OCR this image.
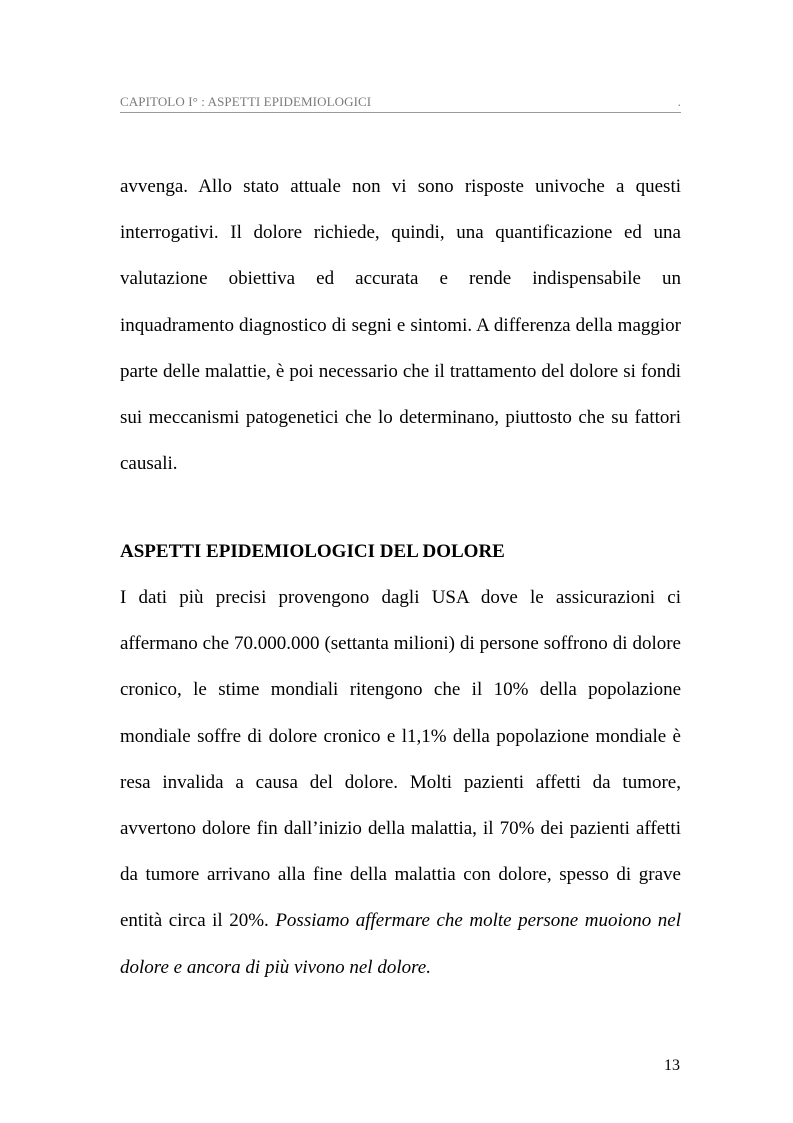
CAPITOLO I° : ASPETTI EPIDEMIOLOGICI	.

avvenga. Allo stato attuale non vi sono risposte univoche a questi interrogativi. Il dolore richiede, quindi, una quantificazione ed una valutazione obiettiva ed accurata e rende indispensabile un inquadramento diagnostico di segni e sintomi. A differenza della maggior parte delle malattie, è poi necessario che il trattamento del dolore si fondi sui meccanismi patogenetici che lo determinano, piuttosto che su fattori causali.

ASPETTI EPIDEMIOLOGICI DEL DOLORE

I dati più precisi provengono dagli USA dove le assicurazioni ci affermano che 70.000.000 (settanta milioni) di persone soffrono di dolore cronico, le stime mondiali ritengono che il 10% della popolazione mondiale soffre di dolore cronico e l1,1% della popolazione mondiale è resa invalida a causa del dolore. Molti pazienti affetti da tumore, avvertono dolore fin dall’inizio della malattia, il 70% dei pazienti affetti da tumore arrivano alla fine della malattia con dolore, spesso di grave entità circa il 20%. Possiamo affermare che molte persone muoiono nel dolore e ancora di più vivono nel dolore.

13
